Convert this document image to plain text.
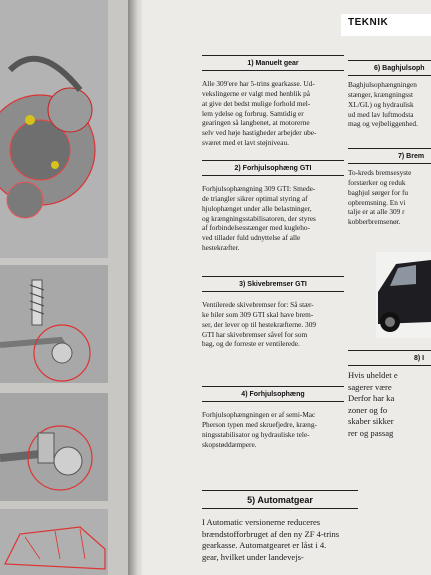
TEKNIK
1) Manuelt gear
Alle 309'ere har 5-trins gearkasse. Ud-
vekslingerne er valgt med henblik på
at give det bedst mulige forhold mel-
lem ydelse og forbrug. Samtidig er
gearingen så langbenet, at motorerne
selv ved høje hastigheder arbejder ube-
sværet med et lavt støjniveau.
2) Forhjulsophæng GTI
Forhjulsophængning 309 GTI: Smede-
de triangler sikrer optimal styring af
hjulophænget under alle belastninger,
og krængningsstabilisatoren, der styres
af forbindelsesstænger med kugleho-
ved tillader fuld udnyttelse af alle
hestekræfter.
3) Skivebremser GTI
Ventilerede skivebremser for: Så stær-
ke biler som 309 GTI skal have brem-
ser, der lever op til hestekræfterne. 309
GTI har skivebremser såvel for som
bag, og de forreste er ventilerede.
4) Forhjulsophæng
Forhjulsophængningen er af semi-Mac
Pherson typen med skruefjedre, kræng-
ningsstabilisator og hydrauliske tele-
skopstøddæmpere.
5) Automatgear
I Automatic versionerne reduceres
brændstofforbruget af den ny ZF 4-trins
gearkasse. Automatgearet er låst i 4.
gear, hvilket under landevejs-
6) Baghjulsoph
Baghjulsophængningen
stænger, krængningsst
XL/GL) og hydraulisk
ud med lav luftmodsta
mag og vejbeliggenhed.
7) Brem
To-kreds bremsesyste
forstærker og reduk
baghjul sørger for fu
opbremsning. En vi
talje er at alle 309 r
kobberbremsenør.
8) I
Hvis uheldet e
sagerer være
Derfor har ka
zoner og fo
skaber sikker
rer og passag
